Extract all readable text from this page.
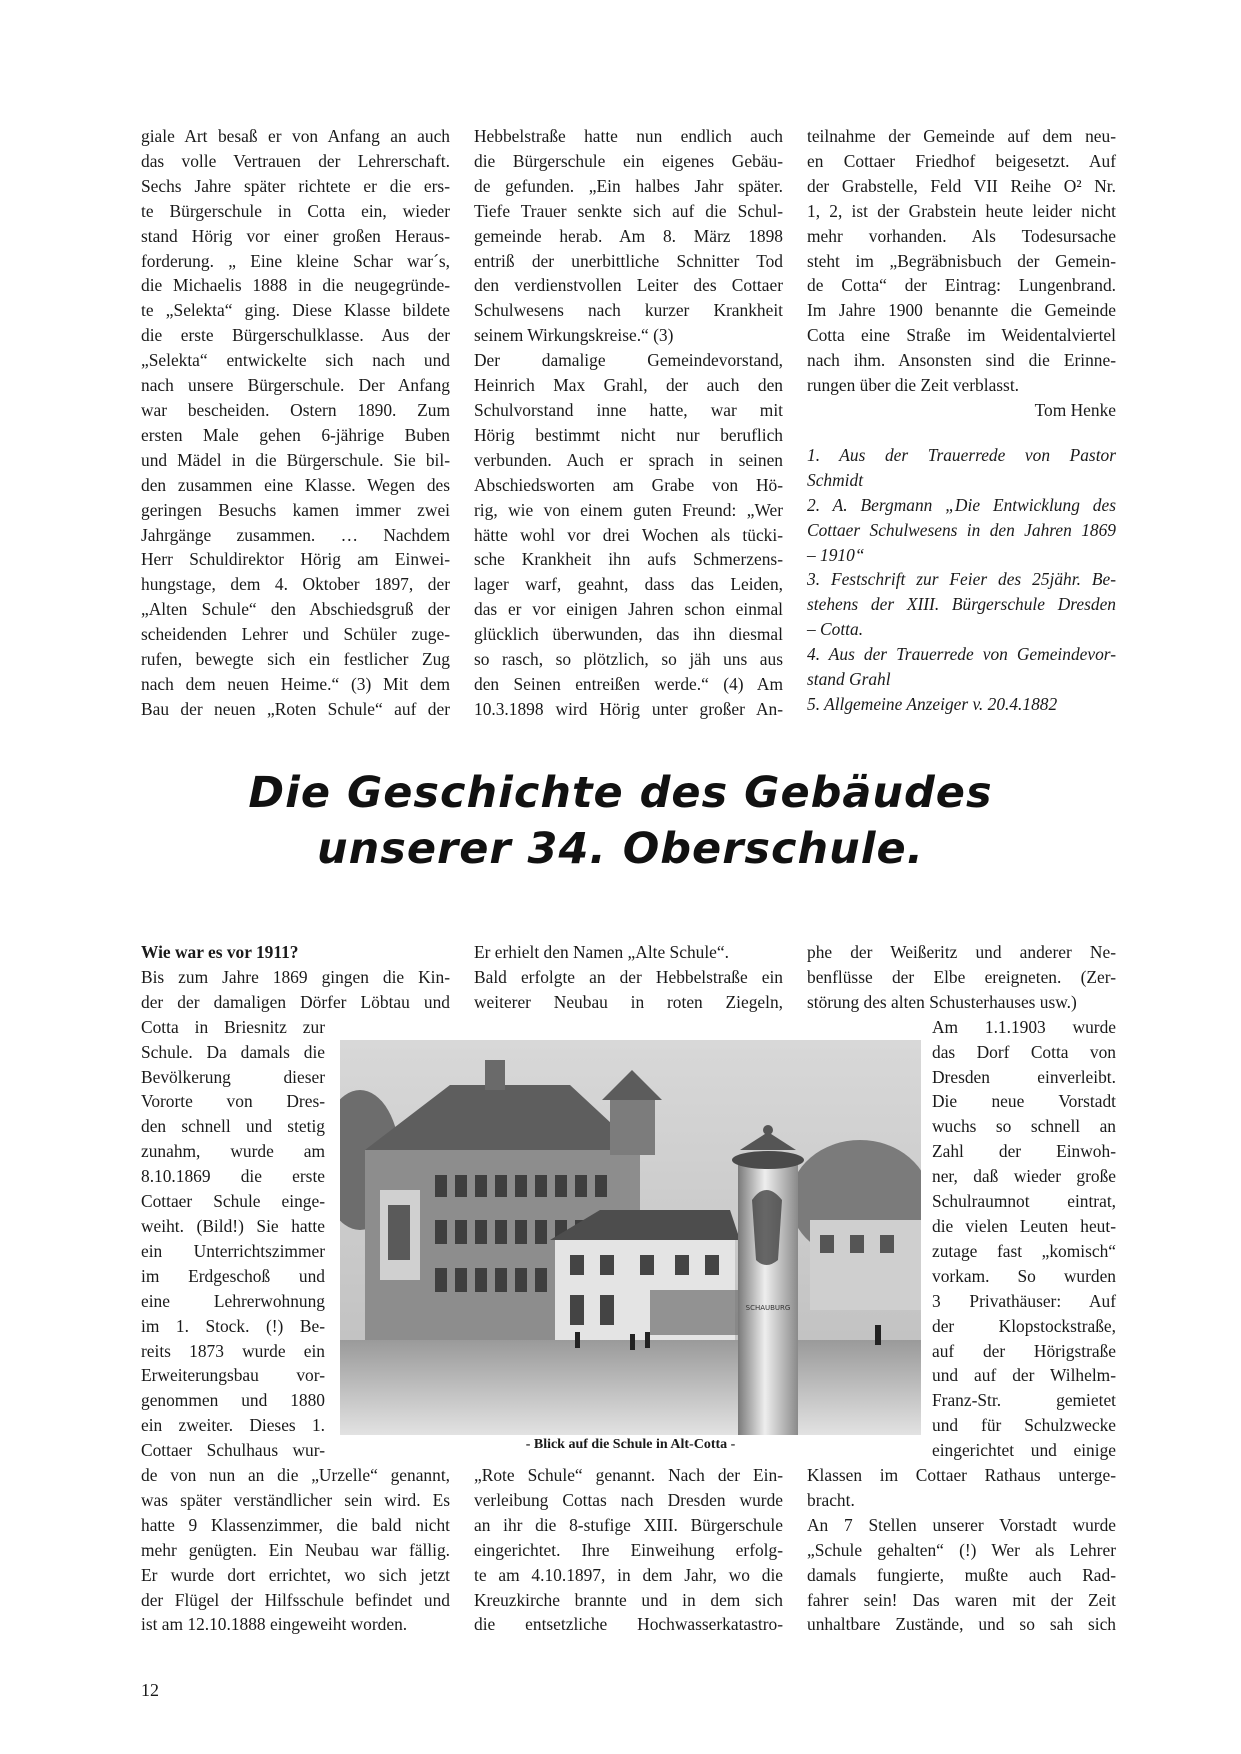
giale Art besaß er von Anfang an auch

das volle Vertrauen der Lehrerschaft.

Sechs Jahre später richtete er die ers-

te Bürgerschule in Cotta ein, wieder

stand Hörig vor einer großen Heraus-

forderung. „ Eine kleine Schar war´s,

die Michaelis 1888 in die neugegründe-

te „Selekta“ ging. Diese Klasse bildete

die erste Bürgerschulklasse. Aus der

„Selekta“ entwickelte sich nach und

nach unsere Bürgerschule. Der Anfang

war bescheiden. Ostern 1890. Zum

ersten Male gehen 6-jährige Buben

und Mädel in die Bürgerschule. Sie bil-

den zusammen eine Klasse. Wegen des

geringen Besuchs kamen immer zwei

Jahrgänge zusammen. … Nachdem

Herr Schuldirektor Hörig am Einwei-

hungstage, dem 4. Oktober 1897, der

„Alten Schule“ den Abschiedsgruß der

scheidenden Lehrer und Schüler zuge-

rufen, bewegte sich ein festlicher Zug

nach dem neuen Heime.“ (3) Mit dem

Bau der neuen „Roten Schule“ auf der

Hebbelstraße hatte nun endlich auch

die Bürgerschule ein eigenes Gebäu-

de gefunden. „Ein halbes Jahr später.

Tiefe Trauer senkte sich auf die Schul-

gemeinde herab. Am 8. März 1898

entriß der unerbittliche Schnitter Tod

den verdienstvollen Leiter des Cottaer

Schulwesens nach kurzer Krankheit

seinem Wirkungskreise.“ (3)

Der damalige Gemeindevorstand,

Heinrich Max Grahl, der auch den

Schulvorstand inne hatte, war mit

Hörig bestimmt nicht nur beruflich

verbunden. Auch er sprach in seinen

Abschiedsworten am Grabe von Hö-

rig, wie von einem guten Freund: „Wer

hätte wohl vor drei Wochen als tücki-

sche Krankheit ihn aufs Schmerzens-

lager warf, geahnt, dass das Leiden,

das er vor einigen Jahren schon einmal

glücklich überwunden, das ihn diesmal

so rasch, so plötzlich, so jäh uns aus

den Seinen entreißen werde.“ (4) Am

10.3.1898 wird Hörig unter großer An-

teilnahme der Gemeinde auf dem neu-

en Cottaer Friedhof beigesetzt. Auf

der Grabstelle, Feld VII Reihe O² Nr.

1, 2, ist der Grabstein heute leider nicht

mehr vorhanden. Als Todesursache

steht im „Begräbnisbuch der Gemein-

de Cotta“ der Eintrag: Lungenbrand.

Im Jahre 1900 benannte die Gemeinde

Cotta eine Straße im Weidentalviertel

nach ihm. Ansonsten sind die Erinne-

rungen über die Zeit verblasst.

Tom Henke

1. Aus der Trauerrede von Pastor

Schmidt

2. A. Bergmann „Die Entwicklung des

Cottaer Schulwesens in den Jahren 1869

– 1910“

3. Festschrift zur Feier des 25jähr. Be-

stehens der XIII. Bürgerschule Dresden

– Cotta.

4. Aus der Trauerrede von Gemeindevor-

stand Grahl

5. Allgemeine Anzeiger v. 20.4.1882

Die Geschichte des Gebäudes
unserer 34. Oberschule.

Wie war es vor 1911?

Bis zum Jahre 1869 gingen die Kin-

der der damaligen Dörfer Löbtau und

Cotta in Briesnitz zur

Schule. Da damals die

Bevölkerung dieser

Vororte von Dres-

den schnell und stetig

zunahm, wurde am

8.10.1869 die erste

Cottaer Schule einge-

weiht. (Bild!) Sie hatte

ein Unterrichtszimmer

im Erdgeschoß und

eine Lehrerwohnung

im 1. Stock. (!) Be-

reits 1873 wurde ein

Erweiterungsbau vor-

genommen und 1880

ein zweiter. Dieses 1.

Cottaer Schulhaus wur-

de von nun an die „Urzelle“ genannt,

was später verständlicher sein wird. Es

hatte 9 Klassenzimmer, die bald nicht

mehr genügten. Ein Neubau war fällig.

Er wurde dort errichtet, wo sich jetzt

der Flügel der Hilfsschule befindet und

ist am 12.10.1888 eingeweiht worden.

Er erhielt den Namen „Alte Schule“.

Bald erfolgte an der Hebbelstraße ein

weiterer Neubau in roten Ziegeln,

„Rote Schule“ genannt. Nach der Ein-

verleibung Cottas nach Dresden wurde

an ihr die 8-stufige XIII. Bürgerschule

eingerichtet. Ihre Einweihung erfolg-

te am 4.10.1897, in dem Jahr, wo die

Kreuzkirche brannte und in dem sich

die entsetzliche Hochwasserkatastro-

phe der Weißeritz und anderer Ne-

benflüsse der Elbe ereigneten. (Zer-

störung des alten Schusterhauses usw.)

Am 1.1.1903 wurde

das Dorf Cotta von

Dresden einverleibt.

Die neue Vorstadt

wuchs so schnell an

Zahl der Einwoh-

ner, daß wieder große

Schulraumnot eintrat,

die vielen Leuten heut-

zutage fast „komisch“

vorkam. So wurden

3 Privathäuser: Auf

der Klopstockstraße,

auf der Hörigstraße

und auf der Wilhelm-

Franz-Str. gemietet

und für Schulzwecke

eingerichtet und einige

Klassen im Cottaer Rathaus unterge-

bracht.

An 7 Stellen unserer Vorstadt wurde

„Schule gehalten“ (!) Wer als Lehrer

damals fungierte, mußte auch Rad-

fahrer sein! Das waren mit der Zeit

unhaltbare Zustände, und so sah sich

SCHAUBURG
- Blick auf die Schule in Alt-Cotta -
12
